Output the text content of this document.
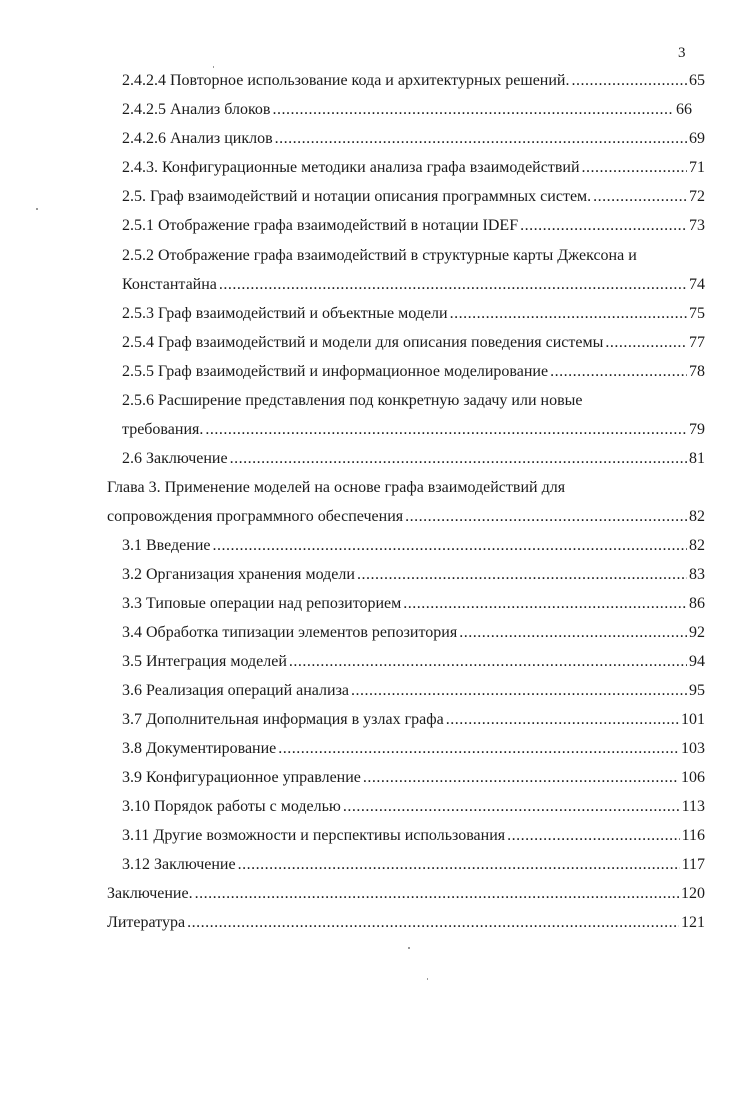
3
2.4.2.4 Повторное использование кода и архитектурных решений. .....	65
2.4.2.5 Анализ блоков .....	66
2.4.2.6 Анализ циклов .....	69
2.4.3. Конфигурационные методики анализа графа взаимодействий .....	71
2.5. Граф взаимодействий и нотации описания программных систем. .....	72
2.5.1 Отображение графа взаимодействий в нотации IDEF .....	73
2.5.2 Отображение графа взаимодействий в структурные карты Джексона и
Константайна .....	74
2.5.3 Граф взаимодействий и объектные модели .....	75
2.5.4 Граф взаимодействий и модели для описания поведения системы .....	77
2.5.5 Граф взаимодействий и информационное моделирование .....	78
2.5.6 Расширение представления под конкретную задачу или новые
требования. .....	79
2.6 Заключение .....	81
Глава 3. Применение моделей на основе графа взаимодействий для
сопровождения программного обеспечения .....	82
3.1 Введение .....	82
3.2 Организация хранения модели .....	83
3.3 Типовые операции над репозиторием .....	86
3.4 Обработка типизации элементов репозитория .....	92
3.5 Интеграция моделей .....	94
3.6 Реализация операций анализа .....	95
3.7 Дополнительная информация в узлах графа .....	101
3.8 Документирование .....	103
3.9 Конфигурационное управление .....	106
3.10 Порядок работы с моделью .....	113
3.11 Другие возможности и перспективы использования .....	116
3.12 Заключение .....	117
Заключение. .....	120
Литература .....	121
